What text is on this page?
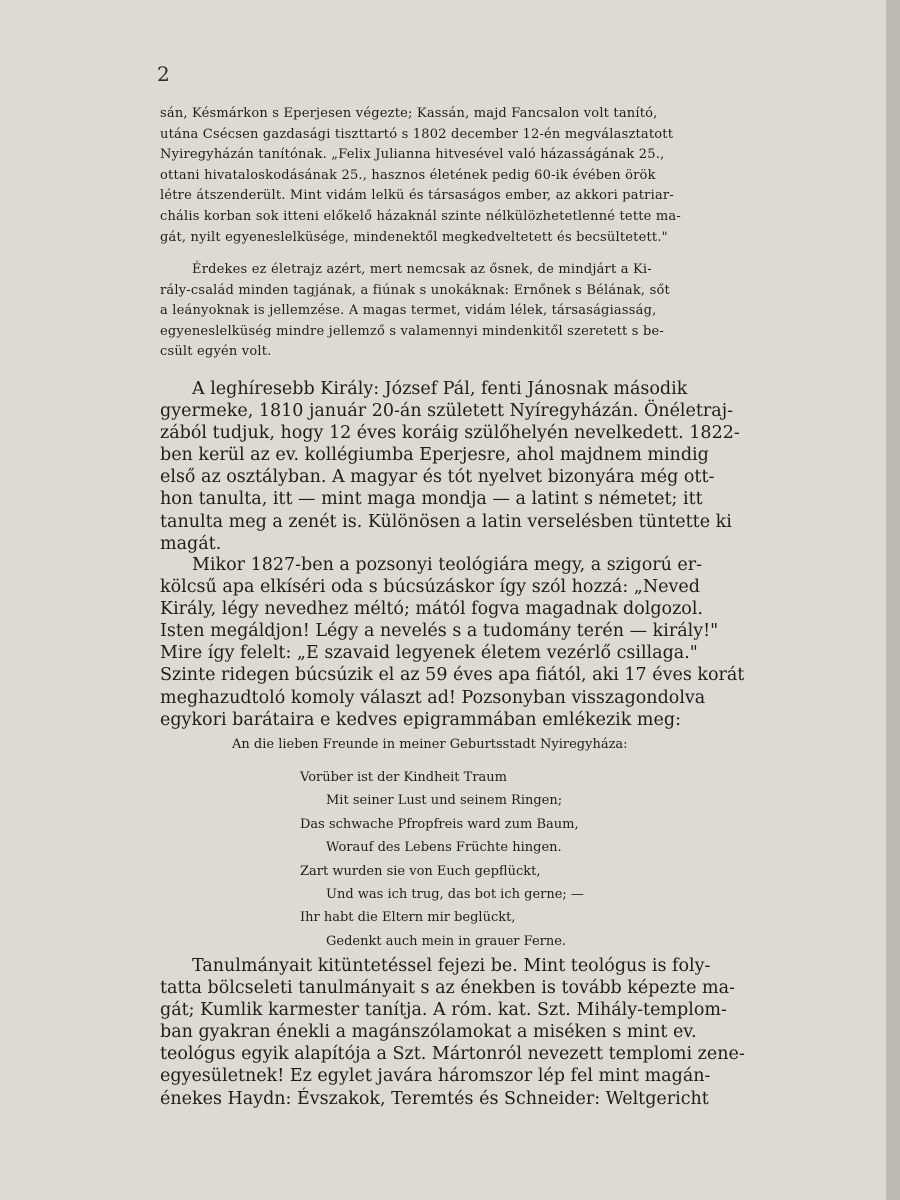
2
sán, Késmárkon s Eperjesen végezte; Kassán, majd Fancsalon volt tanító,
utána Csécsen gazdasági tiszttartó s 1802 december 12-én megválasztatott
Nyiregyházán tanítónak. „Felix Julianna hitvesével való házasságának 25.,
ottani hivataloskodásának 25., hasznos életének pedig 60-ik évében örök
létre átszenderült. Mint vidám lelkü és társaságos ember, az akkori patriar-
chális korban sok itteni előkelő házaknál szinte nélkülözhetetlenné tette ma-
gát, nyilt egyeneslelküsége, mindenektől megkedveltetett és becsültetett."
Érdekes ez életrajz azért, mert nemcsak az ősnek, de mindjárt a Ki-
rály-család minden tagjának, a fiúnak s unokáknak: Ernőnek s Bélának, sőt
a leányoknak is jellemzése. A magas termet, vidám lélek, társaságiasság,
egyeneslelküség mindre jellemző s valamennyi mindenkitől szeretett s be-
csült egyén volt.
A leghíresebb Király: József Pál, fenti Jánosnak második
gyermeke, 1810 január 20-án született Nyíregyházán. Önéletraj-
zából tudjuk, hogy 12 éves koráig szülőhelyén nevelkedett. 1822-
ben kerül az ev. kollégiumba Eperjesre, ahol majdnem mindig
első az osztályban. A magyar és tót nyelvet bizonyára még ott-
hon tanulta, itt — mint maga mondja — a latint s németet; itt
tanulta meg a zenét is. Különösen a latin verselésben tüntette ki
magát.
Mikor 1827-ben a pozsonyi teológiára megy, a szigorú er-
kölcsű apa elkíséri oda s búcsúzáskor így szól hozzá: „Neved
Király, légy nevedhez méltó; mától fogva magadnak dolgozol.
Isten megáldjon! Légy a nevelés s a tudomány terén — király!"
Mire így felelt: „E szavaid legyenek életem vezérlő csillaga."
Szinte ridegen búcsúzik el az 59 éves apa fiától, aki 17 éves korát
meghazudtoló komoly választ ad! Pozsonyban visszagondolva
egykori barátaira e kedves epigrammában emlékezik meg:
An die lieben Freunde in meiner Geburtsstadt Nyiregyháza:
Vorüber ist der Kindheit Traum
Mit seiner Lust und seinem Ringen;
Das schwache Pfropfreis ward zum Baum,
Worauf des Lebens Früchte hingen.
Zart wurden sie von Euch gepflückt,
Und was ich trug, das bot ich gerne; —
Ihr habt die Eltern mir beglückt,
Gedenkt auch mein in grauer Ferne.
Tanulmányait kitüntetéssel fejezi be. Mint teológus is foly-
tatta bölcseleti tanulmányait s az énekben is tovább képezte ma-
gát; Kumlik karmester tanítja. A róm. kat. Szt. Mihály-templom-
ban gyakran énekli a magánszólamokat a miséken s mint ev.
teológus egyik alapítója a Szt. Mártonról nevezett templomi zene-
egyesületnek! Ez egylet javára háromszor lép fel mint magán-
énekes Haydn: Évszakok, Teremtés és Schneider: Weltgericht
